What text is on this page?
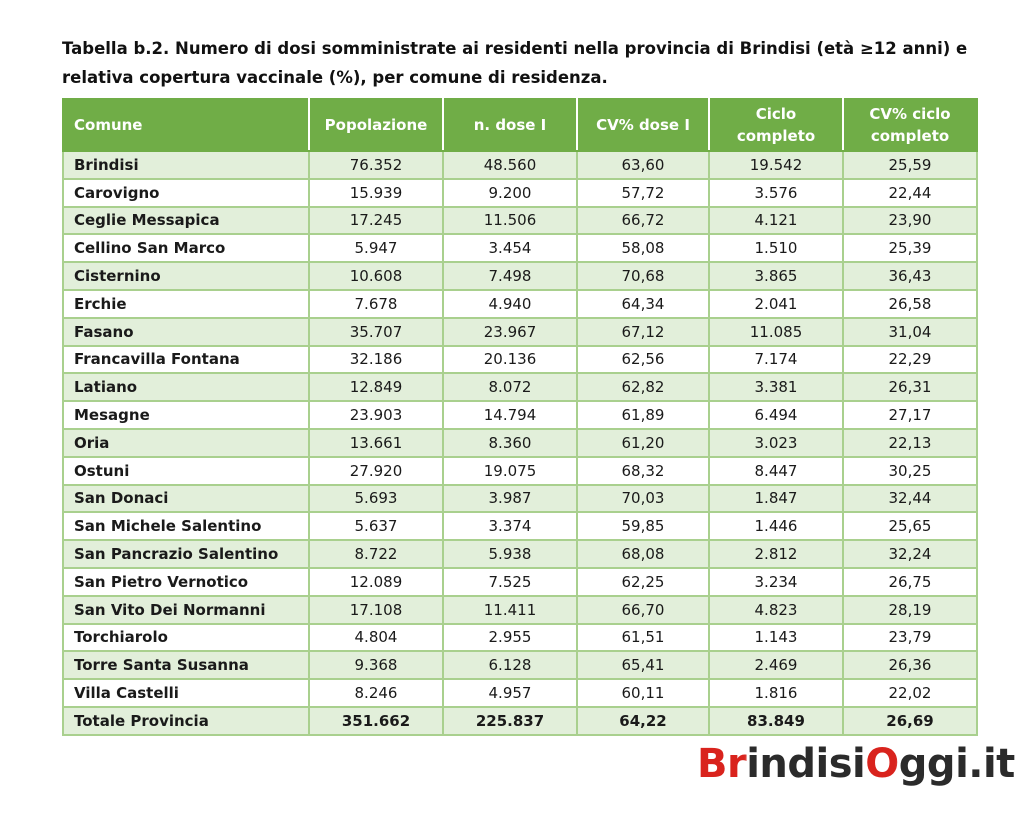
Tabella b.2. Numero di dosi somministrate ai residenti nella provincia di Brindisi (età ≥12 anni) e relativa copertura vaccinale (%), per comune di residenza.
Comune	Popolazione	n. dose I	CV% dose I	Ciclo completo	CV% ciclo completo
Brindisi	76.352	48.560	63,60	19.542	25,59
Carovigno	15.939	9.200	57,72	3.576	22,44
Ceglie Messapica	17.245	11.506	66,72	4.121	23,90
Cellino San Marco	5.947	3.454	58,08	1.510	25,39
Cisternino	10.608	7.498	70,68	3.865	36,43
Erchie	7.678	4.940	64,34	2.041	26,58
Fasano	35.707	23.967	67,12	11.085	31,04
Francavilla Fontana	32.186	20.136	62,56	7.174	22,29
Latiano	12.849	8.072	62,82	3.381	26,31
Mesagne	23.903	14.794	61,89	6.494	27,17
Oria	13.661	8.360	61,20	3.023	22,13
Ostuni	27.920	19.075	68,32	8.447	30,25
San Donaci	5.693	3.987	70,03	1.847	32,44
San Michele Salentino	5.637	3.374	59,85	1.446	25,65
San Pancrazio Salentino	8.722	5.938	68,08	2.812	32,24
San Pietro Vernotico	12.089	7.525	62,25	3.234	26,75
San Vito Dei Normanni	17.108	11.411	66,70	4.823	28,19
Torchiarolo	4.804	2.955	61,51	1.143	23,79
Torre Santa Susanna	9.368	6.128	65,41	2.469	26,36
Villa Castelli	8.246	4.957	60,11	1.816	22,02
Totale Provincia	351.662	225.837	64,22	83.849	26,69
BrindisiOggi.it
